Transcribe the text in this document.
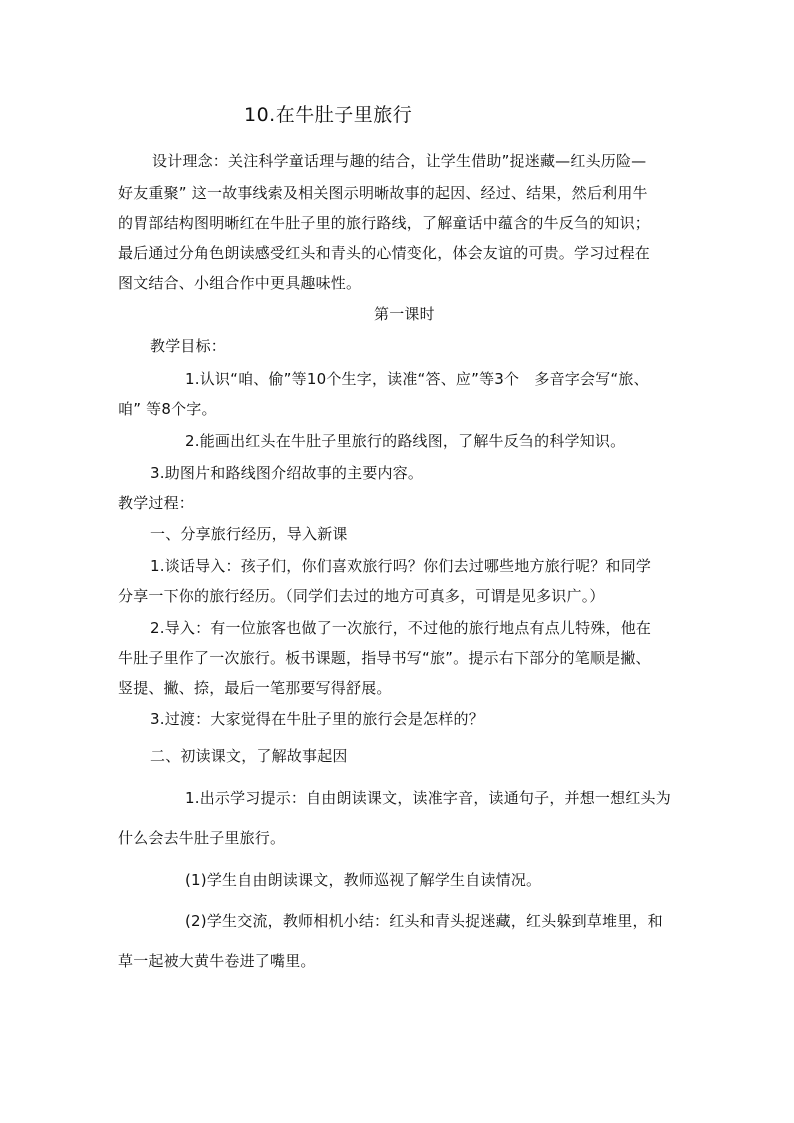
10.在牛肚子里旅行
设计理念：关注科学童话理与趣的结合，让学生借助”捉迷藏—红头历险—
好友重聚” 这一故事线索及相关图示明晰故事的起因、经过、结果，然后利用牛
的胃部结构图明晰红在牛肚子里的旅行路线，了解童话中蕴含的牛反刍的知识；
最后通过分角色朗读感受红头和青头的心情变化，体会友谊的可贵。学习过程在
图文结合、小组合作中更具趣味性。
第一课时
教学目标：
1.认识“咱、偷”等10个生字，读准“答、应”等3个　多音字会写“旅、
咱” 等8个字。
2.能画出红头在牛肚子里旅行的路线图，了解牛反刍的科学知识。
3.助图片和路线图介绍故事的主要内容。
教学过程：
一、分享旅行经历，导入新课
1.谈话导入：孩子们，你们喜欢旅行吗？你们去过哪些地方旅行呢？和同学
分享一下你的旅行经历。（同学们去过的地方可真多，可谓是见多识广。）
2.导入：有一位旅客也做了一次旅行，不过他的旅行地点有点儿特殊，他在
牛肚子里作了一次旅行。板书课题，指导书写“旅”。提示右下部分的笔顺是撇、
竖提、撇、捺，最后一笔那要写得舒展。
3.过渡：大家觉得在牛肚子里的旅行会是怎样的？
二、初读课文，了解故事起因
1.出示学习提示：自由朗读课文，读准字音，读通句子，并想一想红头为
什么会去牛肚子里旅行。
(1)学生自由朗读课文，教师巡视了解学生自读情况。
(2)学生交流，教师相机小结：红头和青头捉迷藏，红头躲到草堆里，和
草一起被大黄牛卷进了嘴里。
